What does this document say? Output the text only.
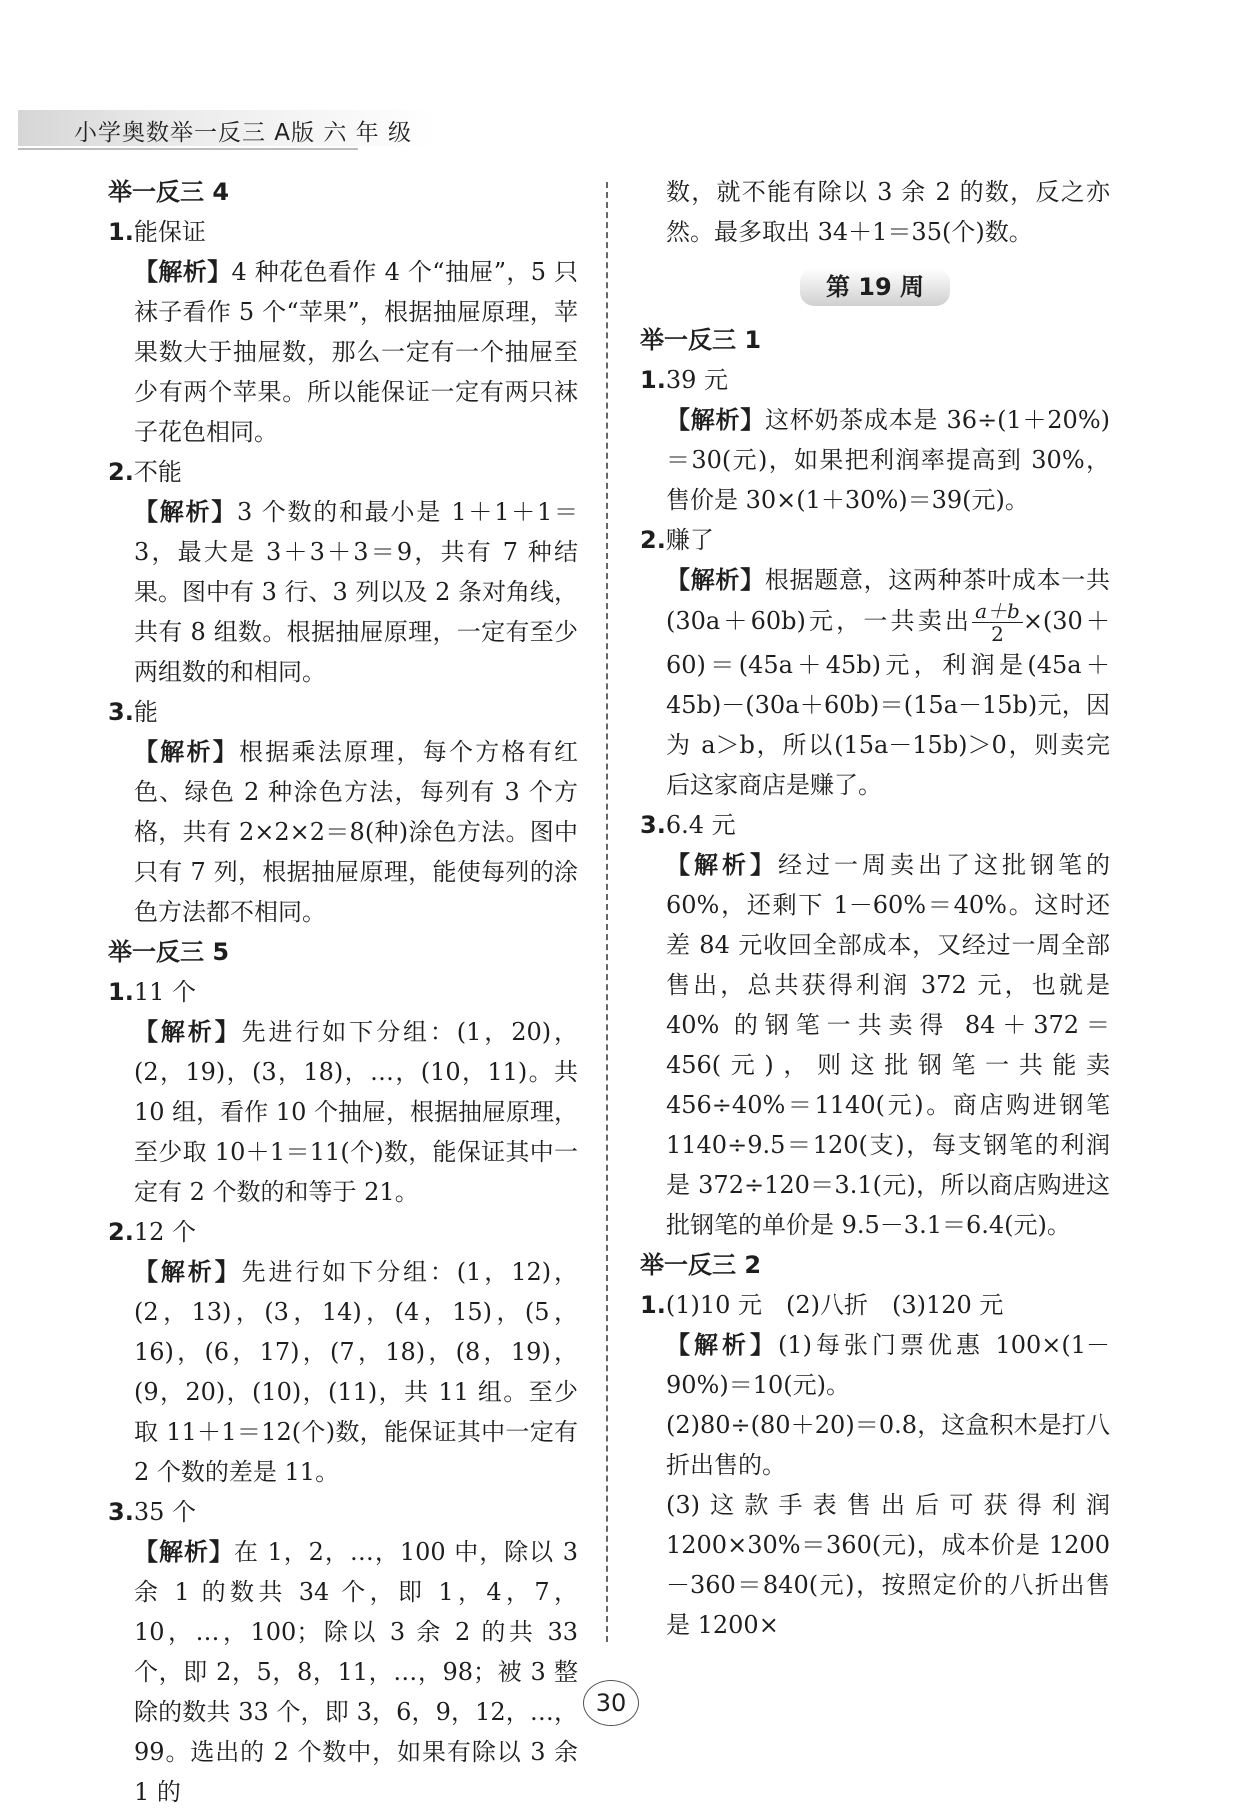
小学奥数举一反三 A版 六 年 级

举一反三 4

1.能保证

【解析】4 种花色看作 4 个“抽屉”，5 只袜子看作 5 个“苹果”，根据抽屉原理，苹果数大于抽屉数，那么一定有一个抽屉至少有两个苹果。所以能保证一定有两只袜子花色相同。

2.不能

【解析】3 个数的和最小是 1＋1＋1＝3，最大是 3＋3＋3＝9，共有 7 种结果。图中有 3 行、3 列以及 2 条对角线，共有 8 组数。根据抽屉原理，一定有至少两组数的和相同。

3.能

【解析】根据乘法原理，每个方格有红色、绿色 2 种涂色方法，每列有 3 个方格，共有 2×2×2＝8(种)涂色方法。图中只有 7 列，根据抽屉原理，能使每列的涂色方法都不相同。

举一反三 5

1.11 个

【解析】先进行如下分组：(1，20)，(2，19)，(3，18)，…，(10，11)。共 10 组，看作 10 个抽屉，根据抽屉原理，至少取 10＋1＝11(个)数，能保证其中一定有 2 个数的和等于 21。

2.12 个

【解析】先进行如下分组：(1，12)，(2，13)，(3，14)，(4，15)，(5，16)，(6，17)，(7，18)，(8，19)，(9，20)，(10)，(11)，共 11 组。至少取 11＋1＝12(个)数，能保证其中一定有 2 个数的差是 11。

3.35 个

【解析】在 1，2，…，100 中，除以 3 余 1 的数共 34 个，即 1，4，7，10，…，100；除以 3 余 2 的共 33 个，即 2，5，8，11，…，98；被 3 整除的数共 33 个，即 3，6，9，12，…，99。选出的 2 个数中，如果有除以 3 余 1 的

数，就不能有除以 3 余 2 的数，反之亦然。最多取出 34＋1＝35(个)数。

第 19 周

举一反三 1

1.39 元

【解析】这杯奶茶成本是 36÷(1＋20%)＝30(元)，如果把利润率提高到 30%，售价是 30×(1＋30%)＝39(元)。

2.赚了

【解析】根据题意，这两种茶叶成本一共(30a＋60b)元，一共卖出 $\frac{a+b}{2} \times(30+60)=(45a+45b)$元，利润是(45a＋45b)－(30a＋60b)＝(15a－15b)元，因为 a＞b，所以(15a－15b)＞0，则卖完后这家商店是赚了。

3.6.4 元

【解析】经过一周卖出了这批钢笔的 60%，还剩下 1－60%＝40%。这时还差 84 元收回全部成本，又经过一周全部售出，总共获得利润 372 元，也就是 40% 的钢笔一共卖得 84＋372＝456(元)，则这批钢笔一共能卖 456÷40%＝1140(元)。商店购进钢笔 1140÷9.5＝120(支)，每支钢笔的利润是 372÷120＝3.1(元)，所以商店购进这批钢笔的单价是 9.5－3.1＝6.4(元)。

举一反三 2

1.(1)10 元　(2)八折　(3)120 元

【解析】(1)每张门票优惠 100×(1－90%)＝10(元)。

(2)80÷(80＋20)＝0.8，这盒积木是打八折出售的。

(3)这款手表售出后可获得利润 1200×30%＝360(元)，成本价是 1200－360＝840(元)，按照定价的八折出售是 1200×

30
